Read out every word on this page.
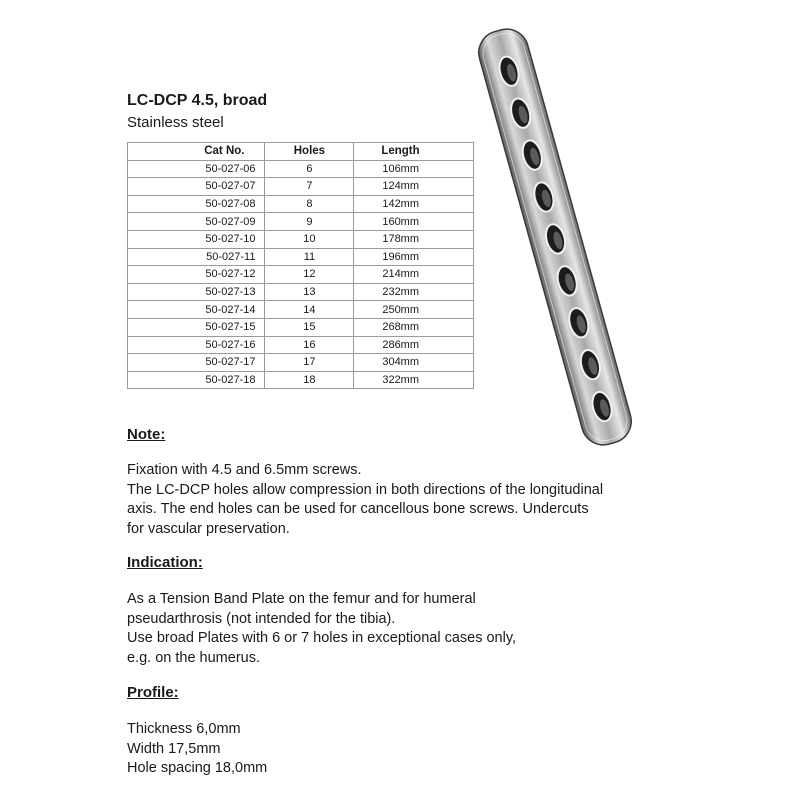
LC-DCP 4.5, broad

Stainless steel

Cat No.	Holes	Length
50-027-06	6	106mm
50-027-07	7	124mm
50-027-08	8	142mm
50-027-09	9	160mm
50-027-10	10	178mm
50-027-11	11	196mm
50-027-12	12	214mm
50-027-13	13	232mm
50-027-14	14	250mm
50-027-15	15	268mm
50-027-16	16	286mm
50-027-17	17	304mm
50-027-18	18	322mm
Note:
Fixation with 4.5 and 6.5mm screws.
The LC-DCP holes allow compression in both directions of the longitudinal
axis. The end holes can be used for cancellous bone screws. Undercuts
for vascular preservation.
Indication:
As a Tension Band Plate on the femur and for humeral
pseudarthrosis (not intended for the tibia).
Use broad Plates with 6 or 7 holes in exceptional cases only,
e.g. on the humerus.
Profile:
Thickness 6,0mm
Width 17,5mm
Hole spacing 18,0mm
